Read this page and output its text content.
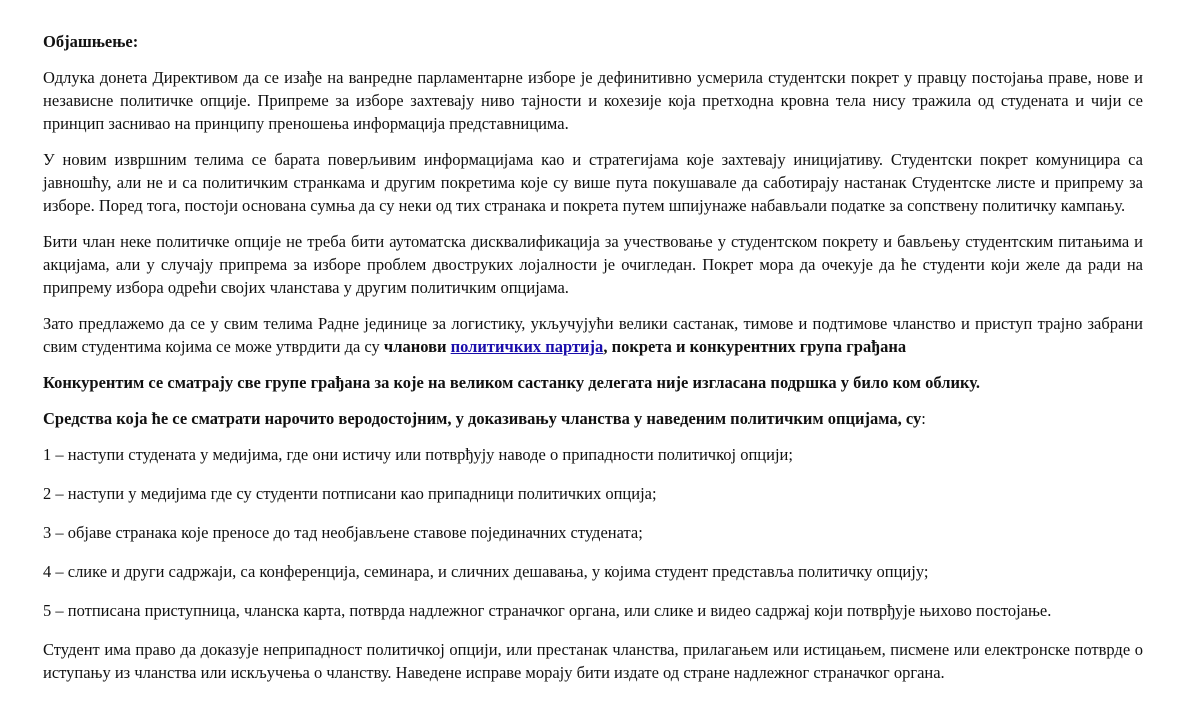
Објашњење:

Одлука донета Директивом да се изађе на ванредне парламентарне изборе је дефинитивно усмерила студентски покрет у правцу постојања праве, нове и независне политичке опције. Припреме за изборе захтевају ниво тајности и кохезије која претходна кровна тела нису тражила од студената и чији се принцип заснивао на принципу преношења информација представницима.

У новим извршним телима се барата поверљивим информацијама као и стратегијама које захтевају иницијативу. Студентски покрет комуницира са јавношћу, али не и са политичким странкама и другим покретима које су више пута покушавале да саботирају настанак Студентске листе и припрему за изборе. Поред тога, постоји основана сумња да су неки од тих странака и покрета путем шпијунаже набављали податке за сопствену политичку кампању.

Бити члан неке политичке опције не треба бити аутоматска дисквалификација за учествовање у студентском покрету и бављењу студентским питањима и акцијама, али у случају припрема за изборе проблем двоструких лојалности је очигледан. Покрет мора да очекује да ће студенти који желе да ради на припрему избора одрећи својих чланстава у другим политичким опцијама.

Зато предлажемо да се у свим телима Радне јединице за логистику, укључујући велики састанак, тимове и подтимове чланство и приступ трајно забрани свим студентима којима се може утврдити да су чланови политичких партија, покрета и конкурентних група грађана

Конкурентим се сматрају све групе грађана за које на великом састанку делегата није изгласана подршка у било ком облику.

Средства која ће се сматрати нарочито веродостојним, у доказивању чланства у наведеним политичким опцијама, су:

1 – наступи студената у медијима, где они истичу или потврђују наводе о припадности политичкој опцији;

2 – наступи у медијима где су студенти потписани као припадници политичких опција;

3 – објаве странака које преносе до тад необјављене ставове појединачних студената;

4 – слике и други садржаји, са конференција, семинара, и сличних дешавања, у којима студент представља политичку опцију;

5 – потписана приступница, чланска карта, потврда надлежног страначког органа, или слике и видео садржај који потврђује њихово постојање.

Студент има право да доказује неприпадност политичкој опцији, или престанак чланства, прилагањем или истицањем, писмене или електронске потврде о иступању из чланства или искључења о чланству. Наведене исправе морају бити издате од стране надлежног страначког органа.
